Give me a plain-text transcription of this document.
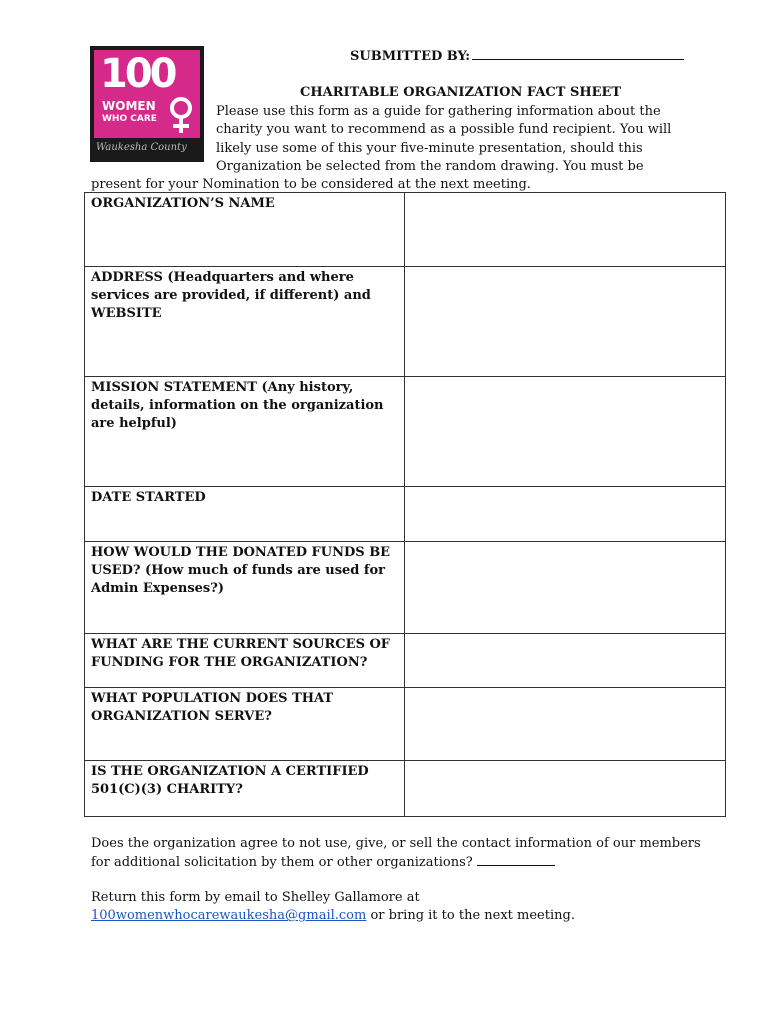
100
WOMEN
WHO CARE
Waukesha County
SUBMITTED BY:
CHARITABLE ORGANIZATION FACT SHEET
Please use this form as a guide for gathering information about the charity you want to recommend as a possible fund recipient. You will likely use some of this your five-minute presentation, should this Organization be selected from the random drawing. You must be
present for your Nomination to be considered at the next meeting.
ORGANIZATION’S NAME	
ADDRESS (Headquarters and where services are provided, if different) and WEBSITE	
MISSION STATEMENT (Any history, details, information on the organization are helpful)	
DATE STARTED	
HOW WOULD THE DONATED FUNDS BE USED? (How much of funds are used for Admin Expenses?)	
WHAT ARE THE CURRENT SOURCES OF FUNDING FOR THE ORGANIZATION?	
WHAT POPULATION DOES THAT ORGANIZATION SERVE?	
IS THE ORGANIZATION A CERTIFIED 501(C)(3) CHARITY?	
Does the organization agree to not use, give, or sell the contact information of our members for additional solicitation by them or other organizations?
Return this form by email to Shelley Gallamore at
100womenwhocarewaukesha@gmail.com or bring it to the next meeting.
